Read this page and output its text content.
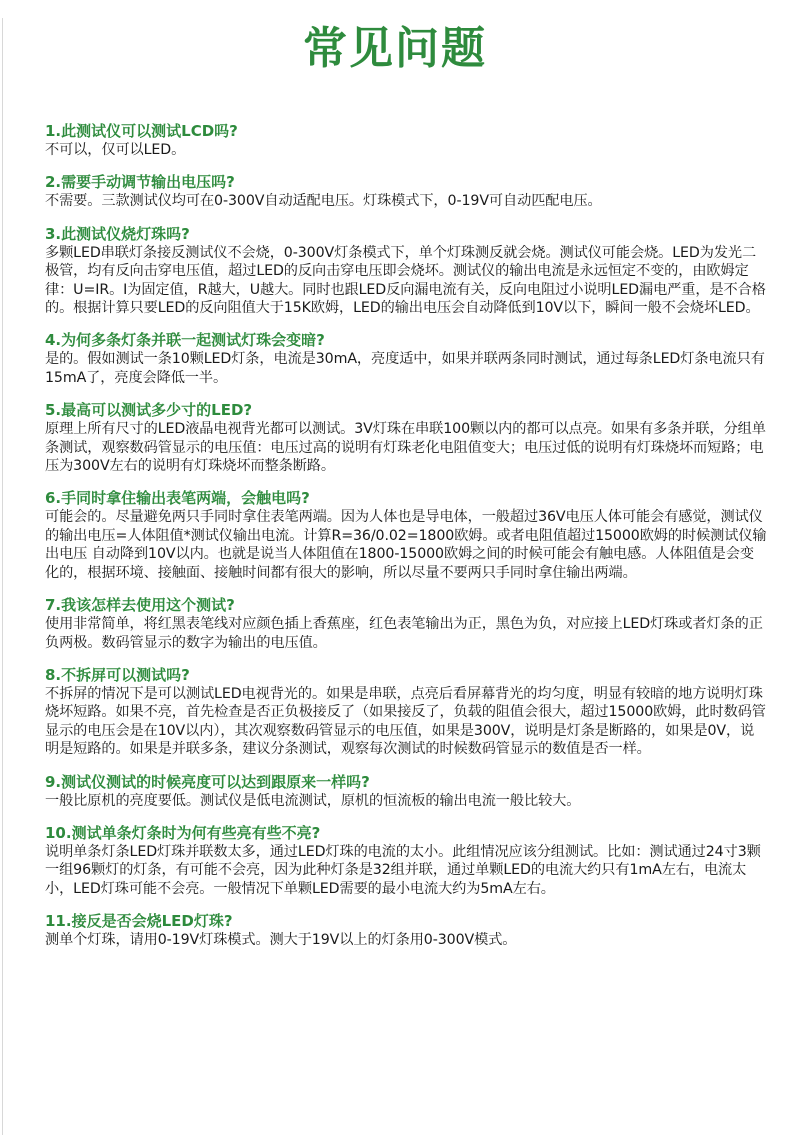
常见问题
1.此测试仪可以测试LCD吗?
不可以，仅可以LED。
2.需要手动调节输出电压吗?
不需要。三款测试仪均可在0-300V自动适配电压。灯珠模式下，0-19V可自动匹配电压。
3.此测试仪烧灯珠吗?
多颗LED串联灯条接反测试仪不会烧，0-300V灯条模式下，单个灯珠测反就会烧。测试仪可能会烧。LED为发光二极管，均有反向击穿电压值，超过LED的反向击穿电压即会烧坏。测试仪的输出电流是永远恒定不变的，由欧姆定律：U=IR。I为固定值，R越大，U越大。同时也跟LED反向漏电流有关，反向电阻过小说明LED漏电严重，是不合格的。根据计算只要LED的反向阻值大于15K欧姆，LED的输出电压会自动降低到10V以下，瞬间一般不会烧坏LED。
4.为何多条灯条并联一起测试灯珠会变暗?
是的。假如测试一条10颗LED灯条，电流是30mA，亮度适中，如果并联两条同时测试，通过每条LED灯条电流只有15mA了，亮度会降低一半。
5.最高可以测试多少寸的LED?
原理上所有尺寸的LED液晶电视背光都可以测试。3V灯珠在串联100颗以内的都可以点亮。如果有多条并联，分组单条测试，观察数码管显示的电压值：电压过高的说明有灯珠老化电阻值变大；电压过低的说明有灯珠烧坏而短路；电压为300V左右的说明有灯珠烧坏而整条断路。
6.手同时拿住输出表笔两端，会触电吗?
可能会的。尽量避免两只手同时拿住表笔两端。因为人体也是导电体，一般超过36V电压人体可能会有感觉，测试仪的输出电压=人体阻值*测试仪输出电流。计算R=36/0.02=1800欧姆。或者电阻值超过15000欧姆的时候测试仪输出电压 自动降到10V以内。也就是说当人体阻值在1800-15000欧姆之间的时候可能会有触电感。人体阻值是会变化的，根据环境、接触面、接触时间都有很大的影响，所以尽量不要两只手同时拿住输出两端。
7.我该怎样去使用这个测试?
使用非常简单，将红黑表笔线对应颜色插上香蕉座，红色表笔输出为正，黑色为负，对应接上LED灯珠或者灯条的正负两极。数码管显示的数字为输出的电压值。
8.不拆屏可以测试吗?
不拆屏的情况下是可以测试LED电视背光的。如果是串联，点亮后看屏幕背光的均匀度，明显有较暗的地方说明灯珠烧坏短路。如果不亮，首先检查是否正负极接反了（如果接反了，负载的阻值会很大，超过15000欧姆，此时数码管显示的电压会是在10V以内），其次观察数码管显示的电压值，如果是300V，说明是灯条是断路的，如果是0V，说明是短路的。如果是并联多条，建议分条测试，观察每次测试的时候数码管显示的数值是否一样。
9.测试仪测试的时候亮度可以达到跟原来一样吗?
一般比原机的亮度要低。测试仪是低电流测试，原机的恒流板的输出电流一般比较大。
10.测试单条灯条时为何有些亮有些不亮?
说明单条灯条LED灯珠并联数太多，通过LED灯珠的电流的太小。此组情况应该分组测试。比如：测试通过24寸3颗一组96颗灯的灯条，有可能不会亮，因为此种灯条是32组并联，通过单颗LED的电流大约只有1mA左右，电流太小，LED灯珠可能不会亮。一般情况下单颗LED需要的最小电流大约为5mA左右。
11.接反是否会烧LED灯珠?
测单个灯珠，请用0-19V灯珠模式。测大于19V以上的灯条用0-300V模式。
